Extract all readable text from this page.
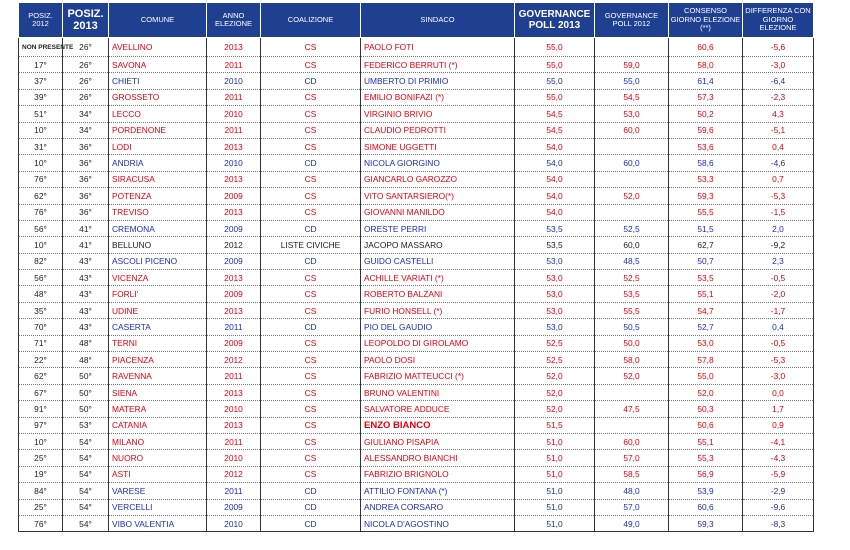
POSIZ. 2012	POSIZ. 2013	COMUNE	ANNO ELEZIONE	COALIZIONE	SINDACO	GOVERNANCE POLL 2013	GOVERNANCE POLL 2012	CONSENSO GIORNO ELEZIONE (**)	DIFFERENZA CON GIORNO ELEZIONE
NON PRESENTE	26°	AVELLINO	2013	CS	PAOLO FOTI	55,0		60,6	-5,6
17°	26°	SAVONA	2011	CS	FEDERICO BERRUTI (*)	55,0	59,0	58,0	-3,0
37°	26°	CHIETI	2010	CD	UMBERTO DI PRIMIO	55,0	55,0	61,4	-6,4
39°	26°	GROSSETO	2011	CS	EMILIO BONIFAZI (*)	55,0	54,5	57,3	-2,3
51°	34°	LECCO	2010	CS	VIRGINIO BRIVIO	54,5	53,0	50,2	4,3
10°	34°	PORDENONE	2011	CS	CLAUDIO PEDROTTI	54,5	60,0	59,6	-5,1
31°	36°	LODI	2013	CS	SIMONE UGGETTI	54,0		53,6	0,4
10°	36°	ANDRIA	2010	CD	NICOLA GIORGINO	54,0	60,0	58,6	-4,6
76°	36°	SIRACUSA	2013	CS	GIANCARLO GAROZZO	54,0		53,3	0,7
62°	36°	POTENZA	2009	CS	VITO SANTARSIERO(*)	54,0	52,0	59,3	-5,3
76°	36°	TREVISO	2013	CS	GIOVANNI MANILDO	54,0		55,5	-1,5
56°	41°	CREMONA	2009	CD	ORESTE PERRI	53,5	52,5	51,5	2,0
10°	41°	BELLUNO	2012	LISTE CIVICHE	JACOPO MASSARO	53,5	60,0	62,7	-9,2
82°	43°	ASCOLI PICENO	2009	CD	GUIDO CASTELLI	53,0	48,5	50,7	2,3
56°	43°	VICENZA	2013	CS	ACHILLE VARIATI (*)	53,0	52,5	53,5	-0,5
48°	43°	FORLI'	2009	CS	ROBERTO BALZANI	53,0	53,5	55,1	-2,0
35°	43°	UDINE	2013	CS	FURIO HONSELL (*)	53,0	55,5	54,7	-1,7
70°	43°	CASERTA	2011	CD	PIO DEL GAUDIO	53,0	50,5	52,7	0,4
71°	48°	TERNI	2009	CS	LEOPOLDO DI GIROLAMO	52,5	50,0	53,0	-0,5
22°	48°	PIACENZA	2012	CS	PAOLO DOSI	52,5	58,0	57,8	-5,3
62°	50°	RAVENNA	2011	CS	FABRIZIO MATTEUCCI (*)	52,0	52,0	55,0	-3,0
67°	50°	SIENA	2013	CS	BRUNO VALENTINI	52,0		52,0	0,0
91°	50°	MATERA	2010	CS	SALVATORE ADDUCE	52,0	47,5	50,3	1,7
97°	53°	CATANIA	2013	CS	ENZO BIANCO	51,5		50,6	0,9
10°	54°	MILANO	2011	CS	GIULIANO PISAPIA	51,0	60,0	55,1	-4,1
25°	54°	NUORO	2010	CS	ALESSANDRO BIANCHI	51,0	57,0	55,3	-4,3
19°	54°	ASTI	2012	CS	FABRIZIO BRIGNOLO	51,0	58,5	56,9	-5,9
84°	54°	VARESE	2011	CD	ATTILIO FONTANA (*)	51,0	48,0	53,9	-2,9
25°	54°	VERCELLI	2009	CD	ANDREA CORSARO	51,0	57,0	60,6	-9,6
76°	54°	VIBO VALENTIA	2010	CD	NICOLA D'AGOSTINO	51,0	49,0	59,3	-8,3
